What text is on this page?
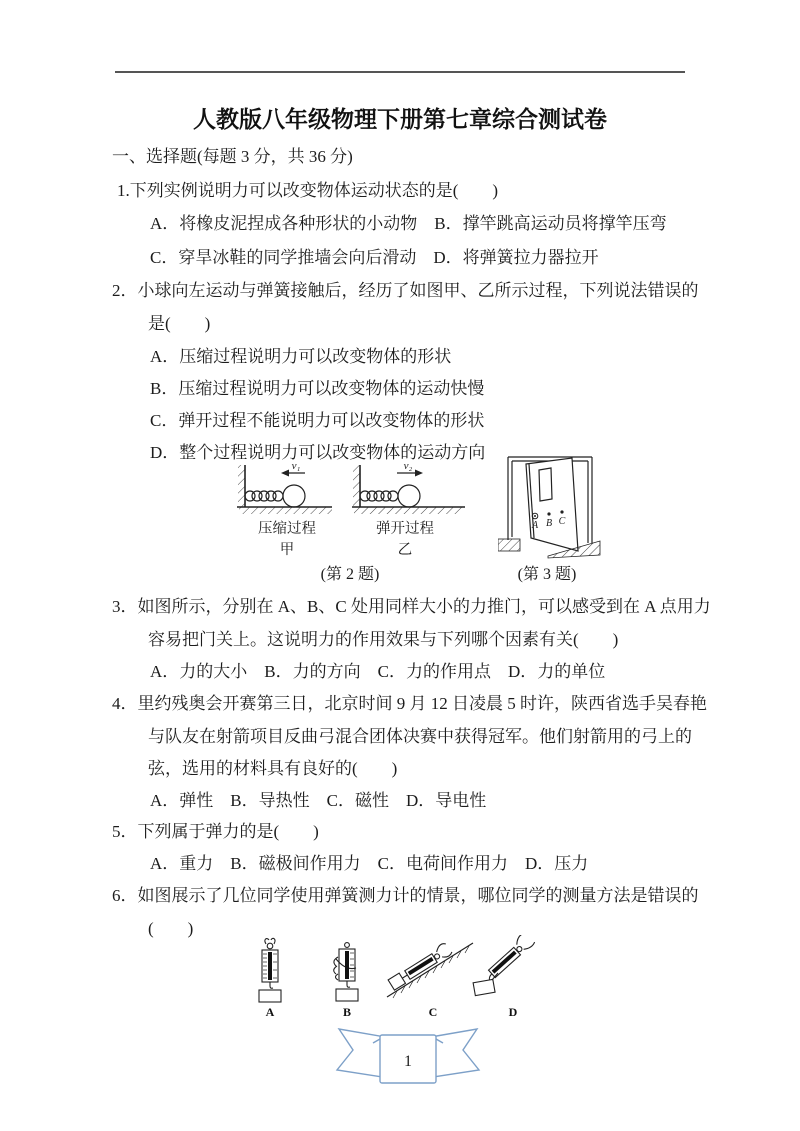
人教版八年级物理下册第七章综合测试卷
一、选择题(每题 3 分，共 36 分)
1.下列实例说明力可以改变物体运动状态的是(　　)
A．将橡皮泥捏成各种形状的小动物　B．撑竿跳高运动员将撑竿压弯
C．穿旱冰鞋的同学推墙会向后滑动　D．将弹簧拉力器拉开
2．小球向左运动与弹簧接触后，经历了如图甲、乙所示过程，下列说法错误的
是(　　)
A．压缩过程说明力可以改变物体的形状
B．压缩过程说明力可以改变物体的运动快慢
C．弹开过程不能说明力可以改变物体的形状
D．整个过程说明力可以改变物体的运动方向
v₁	v₂
压缩过程
甲
弹开过程
乙
(第 2 题)
A B C
(第 3 题)
3．如图所示，分别在 A、B、C 处用同样大小的力推门，可以感受到在 A 点用力
容易把门关上。这说明力的作用效果与下列哪个因素有关(　　)
A．力的大小　B．力的方向　C．力的作用点　D．力的单位
4．里约残奥会开赛第三日，北京时间 9 月 12 日凌晨 5 时许，陕西省选手吴春艳
与队友在射箭项目反曲弓混合团体决赛中获得冠军。他们射箭用的弓上的
弦，选用的材料具有良好的(　　)
A．弹性　B．导热性　C．磁性　D．导电性
5．下列属于弹力的是(　　)
A．重力　B．磁极间作用力　C．电荷间作用力　D．压力
6．如图展示了几位同学使用弹簧测力计的情景，哪位同学的测量方法是错误的
(　　)
A	B	C	D
1
